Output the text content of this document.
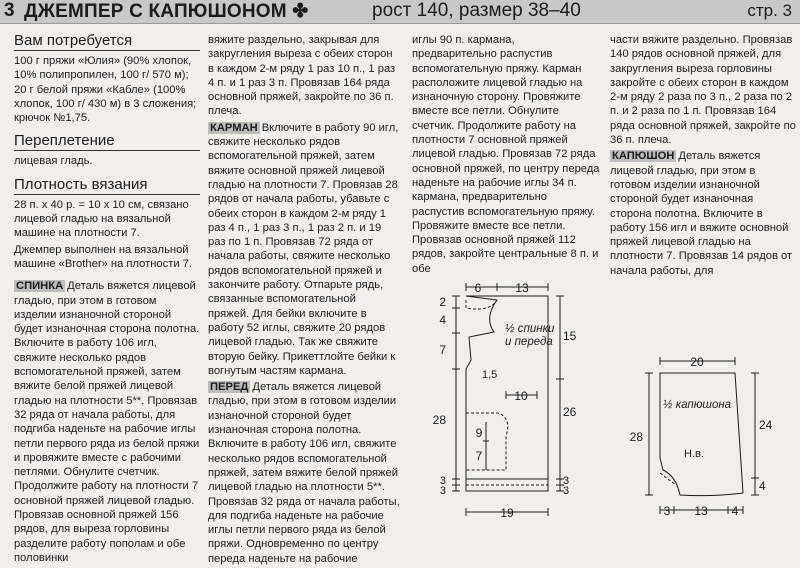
3 ДЖЕМПЕР С КАПЮШОНОМ ✤	рост 140, размер 38–40	стр. 3
Вам потребуется

100 г пряжи «Юлия» (90% хлопок, 10% полипропилен, 100 г/ 570 м); 20 г белой пряжи «Кабле» (100% хлопок, 100 г/ 430 м) в 3 сложения; крючок №1,75.

Переплетение

лицевая гладь.

Плотность вязания

28 п. x 40 р. = 10 x 10 см, связано лицевой гладью на вязальной машине на плотности 7.

Джемпер выполнен на вязальной машине «Brother» на плотности 7.

СПИНКА Деталь вяжется лицевой гладью, при этом в готовом изделии изнаночной стороной будет изнаночная сторона полотна. Включите в работу 106 игл, свяжите несколько рядов вспомогательной пряжей, затем вяжите белой пряжей лицевой гладью на плотности 5**. Провязав 32 ряда от начала работы, для подгиба наденьте на рабочие иглы петли первого ряда из белой пряжи и провяжите вместе с рабочими петлями. Обнулите счетчик. Продолжите работу на плотности 7 основной пряжей лицевой гладью. Провязав основной пряжей 156 рядов, для выреза горловины разделите работу пополам и обе половинки

вяжите раздельно, закрывая для закругления выреза с обеих сторон в каждом 2-м ряду 1 раз 10 п., 1 раз 4 п. и 1 раз 3 п. Провязав 164 ряда основной пряжей, закройте по 36 п. плеча.

КАРМАН Включите в работу 90 игл, свяжите несколько рядов вспомогательной пряжей, затем вяжите основной пряжей лицевой гладью на плотности 7. Провязав 28 рядов от начала работы, убавьте с обеих сторон в каждом 2-м ряду 1 раз 4 п., 1 раз 3 п., 1 раз 2 п. и 19 раз по 1 п. Провязав 72 ряда от начала работы, свяжите несколько рядов вспомогательной пряжей и закончите работу. Отпарьте рядь, связанные вспомогательной пряжей. Для бейки включите в работу 52 иглы, свяжите 20 рядов лицевой гладью. Так же свяжите вторую бейку. Прикеттлойте бейки к вогнутым частям кармана.

ПЕРЕД Деталь вяжется лицевой гладью, при этом в готовом изделии изнаночной стороной будет изнаночная сторона полотна. Включите в работу 106 игл, свяжите несколько рядов вспомогательной пряжей, затем вяжите белой пряжей лицевой гладью на плотности 5**. Провязав 32 ряда от начала работы, для подгиба наденьте на рабочие иглы петли первого ряда из белой пряжи. Одновременно по центру переда наденьте на рабочие

иглы 90 п. кармана, предварительно распустив вспомогательную пряжу. Карман расположите лицевой гладью на изнаночную сторону. Провяжите вместе все петли. Обнулите счетчик. Продолжите работу на плотности 7 основной пряжей лицевой гладью. Провязав 72 ряда основной пряжей, по центру переда наденьте на рабочие иглы 34 п. кармана, предварительно распустив вспомогательную пряжу. Провяжите вместе все петли. Провязав основной пряжей 112 рядов, закройте центральные 8 п. и обе

части вяжите раздельно. Провязав 140 рядов основной пряжей, для закругления выреза горловины закройте с обеих сторон в каждом 2-м ряду 2 раза по 3 п., 2 раза по 2 п. и 2 раза по 1 п. Провязав 164 ряда основной пряжей, закройте по 36 п. плеча.

КАПЮШОН Деталь вяжется лицевой гладью, при этом в готовом изделии изнаночной стороной будет изнаночная сторона полотна. Включите в работу 156 игл и вяжите основной пряжей лицевой гладью на плотности 7. Провязав 14 рядов от начала работы, для

6	13
2
4
7
15
1,5
28
26
10
9
7
3
3
3
3
19
½ спинки
и переда
20
28
24
4
3 13 4
½ капюшона
Н.в.
